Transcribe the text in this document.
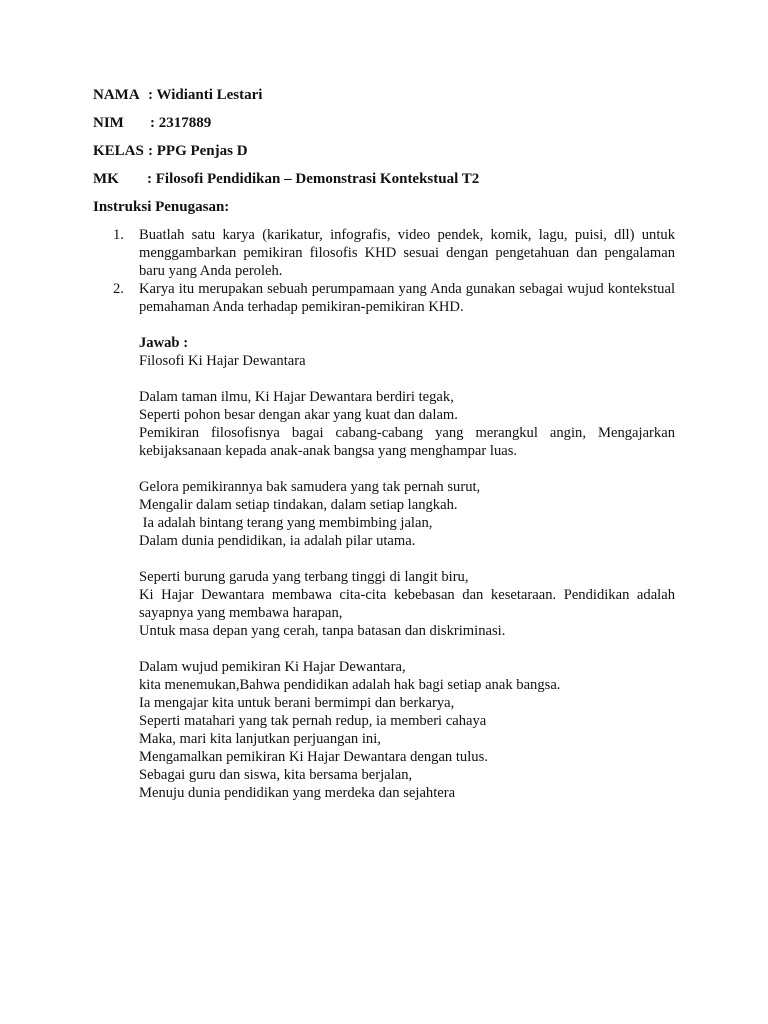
NAMA : Widianti Lestari
NIM : 2317889
KELAS : PPG Penjas D
MK : Filosofi Pendidikan – Demonstrasi Kontekstual T2
Instruksi Penugasan:
1. Buatlah satu karya (karikatur, infografis, video pendek, komik, lagu, puisi, dll) untuk menggambarkan pemikiran filosofis KHD sesuai dengan pengetahuan dan pengalaman baru yang Anda peroleh.
2. Karya itu merupakan sebuah perumpamaan yang Anda gunakan sebagai wujud kontekstual pemahaman Anda terhadap pemikiran-pemikiran KHD.
Jawab :
Filosofi Ki Hajar Dewantara
Dalam taman ilmu, Ki Hajar Dewantara berdiri tegak,
Seperti pohon besar dengan akar yang kuat dan dalam.
Pemikiran filosofisnya bagai cabang-cabang yang merangkul angin, Mengajarkan kebijaksanaan kepada anak-anak bangsa yang menghampar luas.
Gelora pemikirannya bak samudera yang tak pernah surut,
Mengalir dalam setiap tindakan, dalam setiap langkah.
Ia adalah bintang terang yang membimbing jalan,
Dalam dunia pendidikan, ia adalah pilar utama.
Seperti burung garuda yang terbang tinggi di langit biru,
Ki Hajar Dewantara membawa cita-cita kebebasan dan kesetaraan. Pendidikan adalah sayapnya yang membawa harapan,
Untuk masa depan yang cerah, tanpa batasan dan diskriminasi.
Dalam wujud pemikiran Ki Hajar Dewantara,
kita menemukan,Bahwa pendidikan adalah hak bagi setiap anak bangsa.
Ia mengajar kita untuk berani bermimpi dan berkarya,
Seperti matahari yang tak pernah redup, ia memberi cahaya
Maka, mari kita lanjutkan perjuangan ini,
Mengamalkan pemikiran Ki Hajar Dewantara dengan tulus.
Sebagai guru dan siswa, kita bersama berjalan,
Menuju dunia pendidikan yang merdeka dan sejahtera
